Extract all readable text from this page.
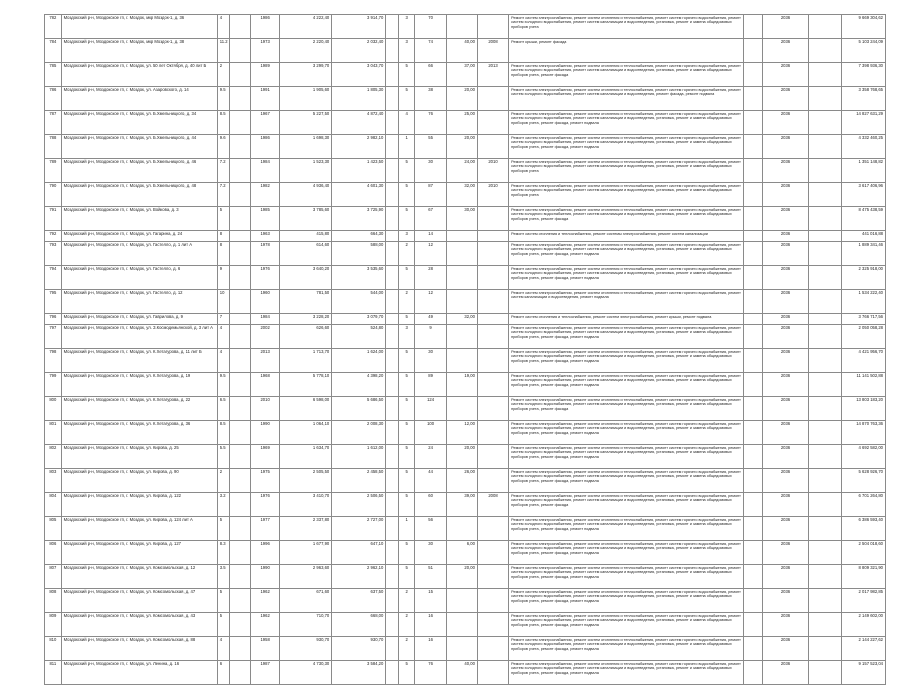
782	Моздокский р-н, Моздокское гп, г. Моздок, мкр Моздок-1, д. 36	4		1986	4 222,40	3 914,70		3	70			Ремонт систем электроснабжения, ремонт систем отопления и теплоснабжения, ремонт систем горячего водоснабжения, ремонт систем холодного водоснабжения, ремонт систем канализации и водоотведения, установка, ремонт и замена общедомовых приборов учета		2036		9 669 304,62
784	Моздокский р-н, Моздокское гп, г. Моздок, мкр Моздок-1, д. 38	11.2		1973	2 220,40	2 032,40		3	74	40,00	2008	Ремонт крыши, ремонт фасада		2036		5 103 244,09
785	Моздокский р-н, Моздокское гп, г. Моздок, ул. 50 лет Октября, д. 40 лит Б	2		1989	3 299,70	3 043,70		5	66	37,00	2013	Ремонт систем электроснабжения, ремонт систем отопления и теплоснабжения, ремонт систем горячего водоснабжения, ремонт систем холодного водоснабжения, ремонт систем канализации и водоотведения, установка, ремонт и замена общедомовых приборов учета, ремонт фасада		2036		7 398 936,30
786	Моздокский р-н, Моздокское гп, г. Моздок, ул. Азаровского, д. 14	9.5		1991	1 905,60	1 805,30		5	38	20,00		Ремонт систем электроснабжения, ремонт систем отопления и теплоснабжения, ремонт систем горячего водоснабжения, ремонт систем холодного водоснабжения, ремонт систем канализации и водоотведения, ремонт фасада, ремонт подвала		2036		3 358 768,65
787	Моздокский р-н, Моздокское гп, г. Моздок, ул. Б.Хмельницкого, д. 34	8.5		1967	5 227,50	4 872,40		4	76	25,00		Ремонт систем электроснабжения, ремонт систем отопления и теплоснабжения, ремонт систем горячего водоснабжения, ремонт систем холодного водоснабжения, ремонт систем канализации и водоотведения, установка, ремонт и замена общедомовых приборов учета, ремонт фасада, ремонт подвала		2036		14 827 631,29
788	Моздокский р-н, Моздокское гп, г. Моздок, ул. Б.Хмельницкого, д. 44	9.6		1986	1 698,30	2 982,10		1	55	20,00		Ремонт систем электроснабжения, ремонт систем отопления и теплоснабжения, ремонт систем горячего водоснабжения, ремонт систем холодного водоснабжения, ремонт систем канализации и водоотведения, установка, ремонт и замена общедомовых приборов учета, ремонт фасада, ремонт подвала		2036		4 332 460,25
789	Моздокский р-н, Моздокское гп, г. Моздок, ул. Б.Хмельницкого, д. 46	7.2		1984	1 523,30	1 423,50		5	30	24,00	2010	Ремонт систем электроснабжения, ремонт систем отопления и теплоснабжения, ремонт систем горячего водоснабжения, ремонт систем холодного водоснабжения, ремонт систем канализации и водоотведения, установка, ремонт и замена общедомовых приборов учета		2036		1 351 148,82
790	Моздокский р-н, Моздокское гп, г. Моздок, ул. Б.Хмельницкого, д. 48	7.2		1982	4 936,40	4 601,30		5	87	32,00	2010	Ремонт систем электроснабжения, ремонт систем отопления и теплоснабжения, ремонт систем горячего водоснабжения, ремонт систем холодного водоснабжения, ремонт систем канализации и водоотведения, установка, ремонт и замена общедомовых приборов учета		2036		3 617 406,96
791	Моздокский р-н, Моздокское гп, г. Моздок, ул. Войкова, д. 3	5		1985	3 785,60	3 725,90		5	67	30,00		Ремонт систем электроснабжения, ремонт систем отопления и теплоснабжения, ремонт систем горячего водоснабжения, ремонт систем холодного водоснабжения, ремонт систем канализации и водоотведения, установка, ремонт и замена общедомовых приборов учета, ремонт фасада		2036		8 475 438,59
792	Моздокский р-н, Моздокское гп, г. Моздок, ул. Гагарина, д. 24	8		1963	415,80	664,30		3	14			Ремонт систем отопления и теплоснабжения, ремонт системы электроснабжения, ремонт систем канализации		2036		441 016,88
793	Моздокский р-н, Моздокское гп, г. Моздок, ул. Гастелло, д. 1 лит А	8		1978	614,60	588,00		2	12			Ремонт систем электроснабжения, ремонт систем отопления и теплоснабжения, ремонт систем горячего водоснабжения, ремонт систем холодного водоснабжения, ремонт систем канализации и водоотведения, установка, ремонт и замена общедомовых приборов учета, ремонт фасада, ремонт подвала		2036		1 889 341,46
794	Моздокский р-н, Моздокское гп, г. Моздок, ул. Гастелло, д. 6	9		1976	3 640,20	3 535,60		5	28			Ремонт систем электроснабжения, ремонт систем отопления и теплоснабжения, ремонт систем горячего водоснабжения, ремонт систем холодного водоснабжения, ремонт систем канализации и водоотведения, установка, ремонт и замена общедомовых приборов учета, ремонт фасада, ремонт подвала		2036		2 325 918,00
795	Моздокский р-н, Моздокское гп, г. Моздок, ул. Гастелло, д. 12	10		1960	781,50	544,00		2	12			Ремонт систем электроснабжения, ремонт систем отопления и теплоснабжения, ремонт систем горячего водоснабжения, ремонт систем канализации и водоотведения, ремонт подвала		2036		1 534 222,40
796	Моздокский р-н, Моздокское гп, г. Моздок, ул. Гаврилова, д. 9	7		1984	3 228,20	3 079,70		5	49	32,00		Ремонт систем отопления и теплоснабжения, ремонт систем электроснабжения, ремонт крыши, ремонт подвала		2036		3 766 717,56
797	Моздокский р-н, Моздокское гп, г. Моздок, ул. З.Космодемьянской, д. 3 лит А	4		2002	626,60	524,80		3	9			Ремонт систем электроснабжения, ремонт систем отопления и теплоснабжения, ремонт систем горячего водоснабжения, ремонт систем холодного водоснабжения, ремонт систем канализации и водоотведения, установка, ремонт и замена общедомовых приборов учета, ремонт фасада, ремонт подвала		2036		2 050 058,28
798	Моздокский р-н, Моздокское гп, г. Моздок, ул. К.Хетагурова, д. 11 лит Б	4		2013	1 713,70	1 624,00		5	30			Ремонт систем электроснабжения, ремонт систем отопления и теплоснабжения, ремонт систем горячего водоснабжения, ремонт систем холодного водоснабжения, ремонт систем канализации и водоотведения, установка, ремонт и замена общедомовых приборов учета, ремонт фасада, ремонт подвала		2036		4 421 956,70
799	Моздокский р-н, Моздокское гп, г. Моздок, ул. К.Хетагурова, д. 19	9.5		1968	5 778,10	4 398,20		5	89	19,00		Ремонт систем электроснабжения, ремонт систем отопления и теплоснабжения, ремонт систем горячего водоснабжения, ремонт систем холодного водоснабжения, ремонт систем канализации и водоотведения, установка, ремонт и замена общедомовых приборов учета, ремонт фасада, ремонт подвала		2036		11 141 502,88
800	Моздокский р-н, Моздокское гп, г. Моздок, ул. К.Хетагурова, д. 22	6.5		2010	6 598,00	5 686,50		5	124			Ремонт систем электроснабжения, ремонт систем отопления и теплоснабжения, ремонт систем горячего водоснабжения, ремонт систем холодного водоснабжения, ремонт систем канализации и водоотведения, установка, ремонт и замена общедомовых приборов учета, ремонт фасада		2036		13 803 183,20
801	Моздокский р-н, Моздокское гп, г. Моздок, ул. К.Хетагурова, д. 36	8.5		1990	1 064,10	2 008,30		5	100	12,00		Ремонт систем электроснабжения, ремонт систем отопления и теплоснабжения, ремонт систем горячего водоснабжения, ремонт систем холодного водоснабжения, ремонт систем канализации и водоотведения, установка, ремонт и замена общедомовых приборов учета, ремонт фасада, ремонт подвала		2036		14 870 763,36
802	Моздокский р-н, Моздокское гп, г. Моздок, ул. Кирова, д. 25	5.5		1969	1 634,70	1 612,00		5	24	20,00		Ремонт систем электроснабжения, ремонт систем отопления и теплоснабжения, ремонт систем горячего водоснабжения, ремонт систем холодного водоснабжения, ремонт систем канализации и водоотведения, установка, ремонт и замена общедомовых приборов учета, ремонт фасада, ремонт подвала		2036		4 692 582,00
803	Моздокский р-н, Моздокское гп, г. Моздок, ул. Кирова, д. 90	2		1975	2 505,50	2 458,50		5	44	26,00		Ремонт систем электроснабжения, ремонт систем отопления и теплоснабжения, ремонт систем горячего водоснабжения, ремонт систем холодного водоснабжения, ремонт систем канализации и водоотведения, установка, ремонт и замена общедомовых приборов учета, ремонт фасада, ремонт подвала		2036		5 628 926,70
804	Моздокский р-н, Моздокское гп, г. Моздок, ул. Кирова, д. 122	3.2		1976	3 410,70	2 506,50		5	60	39,00	2008	Ремонт систем электроснабжения, ремонт систем отопления и теплоснабжения, ремонт систем горячего водоснабжения, ремонт систем холодного водоснабжения, ремонт систем канализации и водоотведения, установка, ремонт и замена общедомовых приборов учета, ремонт фасада		2036		6 701 264,80
805	Моздокский р-н, Моздокское гп, г. Моздок, ул. Кирова, д. 124 лит А	5		1977	2 337,80	2 727,00		1	56			Ремонт систем электроснабжения, ремонт систем отопления и теплоснабжения, ремонт систем горячего водоснабжения, ремонт систем холодного водоснабжения, ремонт систем канализации и водоотведения, установка, ремонт и замена общедомовых приборов учета, ремонт фасада, ремонт подвала		2036		6 386 593,40
806	Моздокский р-н, Моздокское гп, г. Моздок, ул. Кирова, д. 127	8.3		1996	1 677,90	647,10		5	30	6,00		Ремонт систем электроснабжения, ремонт систем отопления и теплоснабжения, ремонт систем горячего водоснабжения, ремонт систем холодного водоснабжения, ремонт систем канализации и водоотведения, установка, ремонт и замена общедомовых приборов учета, ремонт фасада, ремонт подвала		2036		2 504 018,60
807	Моздокский р-н, Моздокское гп, г. Моздок, ул. Комсомольская, д. 12	3.5		1990	2 963,60	2 962,10		5	51	20,00		Ремонт систем электроснабжения, ремонт систем отопления и теплоснабжения, ремонт систем горячего водоснабжения, ремонт систем холодного водоснабжения, ремонт систем канализации и водоотведения, установка, ремонт и замена общедомовых приборов учета, ремонт фасада, ремонт подвала		2036		8 809 321,90
808	Моздокский р-н, Моздокское гп, г. Моздок, ул. Комсомольская, д. 47	5		1962	671,60	637,50		2	15			Ремонт систем электроснабжения, ремонт систем отопления и теплоснабжения, ремонт систем горячего водоснабжения, ремонт систем холодного водоснабжения, ремонт систем канализации и водоотведения, установка, ремонт и замена общедомовых приборов учета, ремонт фасада, ремонт подвала		2036		2 017 982,85
809	Моздокский р-н, Моздокское гп, г. Моздок, ул. Комсомольская, д. 43	5		1962	710,70	668,00		2	16			Ремонт систем электроснабжения, ремонт систем отопления и теплоснабжения, ремонт систем горячего водоснабжения, ремонт систем холодного водоснабжения, ремонт систем канализации и водоотведения, установка, ремонт и замена общедомовых приборов учета, ремонт фасада, ремонт подвала		2036		2 149 602,00
810	Моздокский р-н, Моздокское гп, г. Моздок, ул. Комсомольская, д. 88	4		1958	930,70	930,70		2	16			Ремонт систем электроснабжения, ремонт систем отопления и теплоснабжения, ремонт систем горячего водоснабжения, ремонт систем холодного водоснабжения, ремонт систем канализации и водоотведения, установка, ремонт и замена общедомовых приборов учета, ремонт фасада, ремонт подвала		2036		2 144 227,62
811	Моздокский р-н, Моздокское гп, г. Моздок, ул. Ленина, д. 16	6		1987	4 730,30	3 584,20		5	76	40,00		Ремонт систем электроснабжения, ремонт систем отопления и теплоснабжения, ремонт систем горячего водоснабжения, ремонт систем холодного водоснабжения, ремонт систем канализации и водоотведения, установка, ремонт и замена общедомовых приборов учета, ремонт фасада, ремонт подвала		2036		9 157 523,04
